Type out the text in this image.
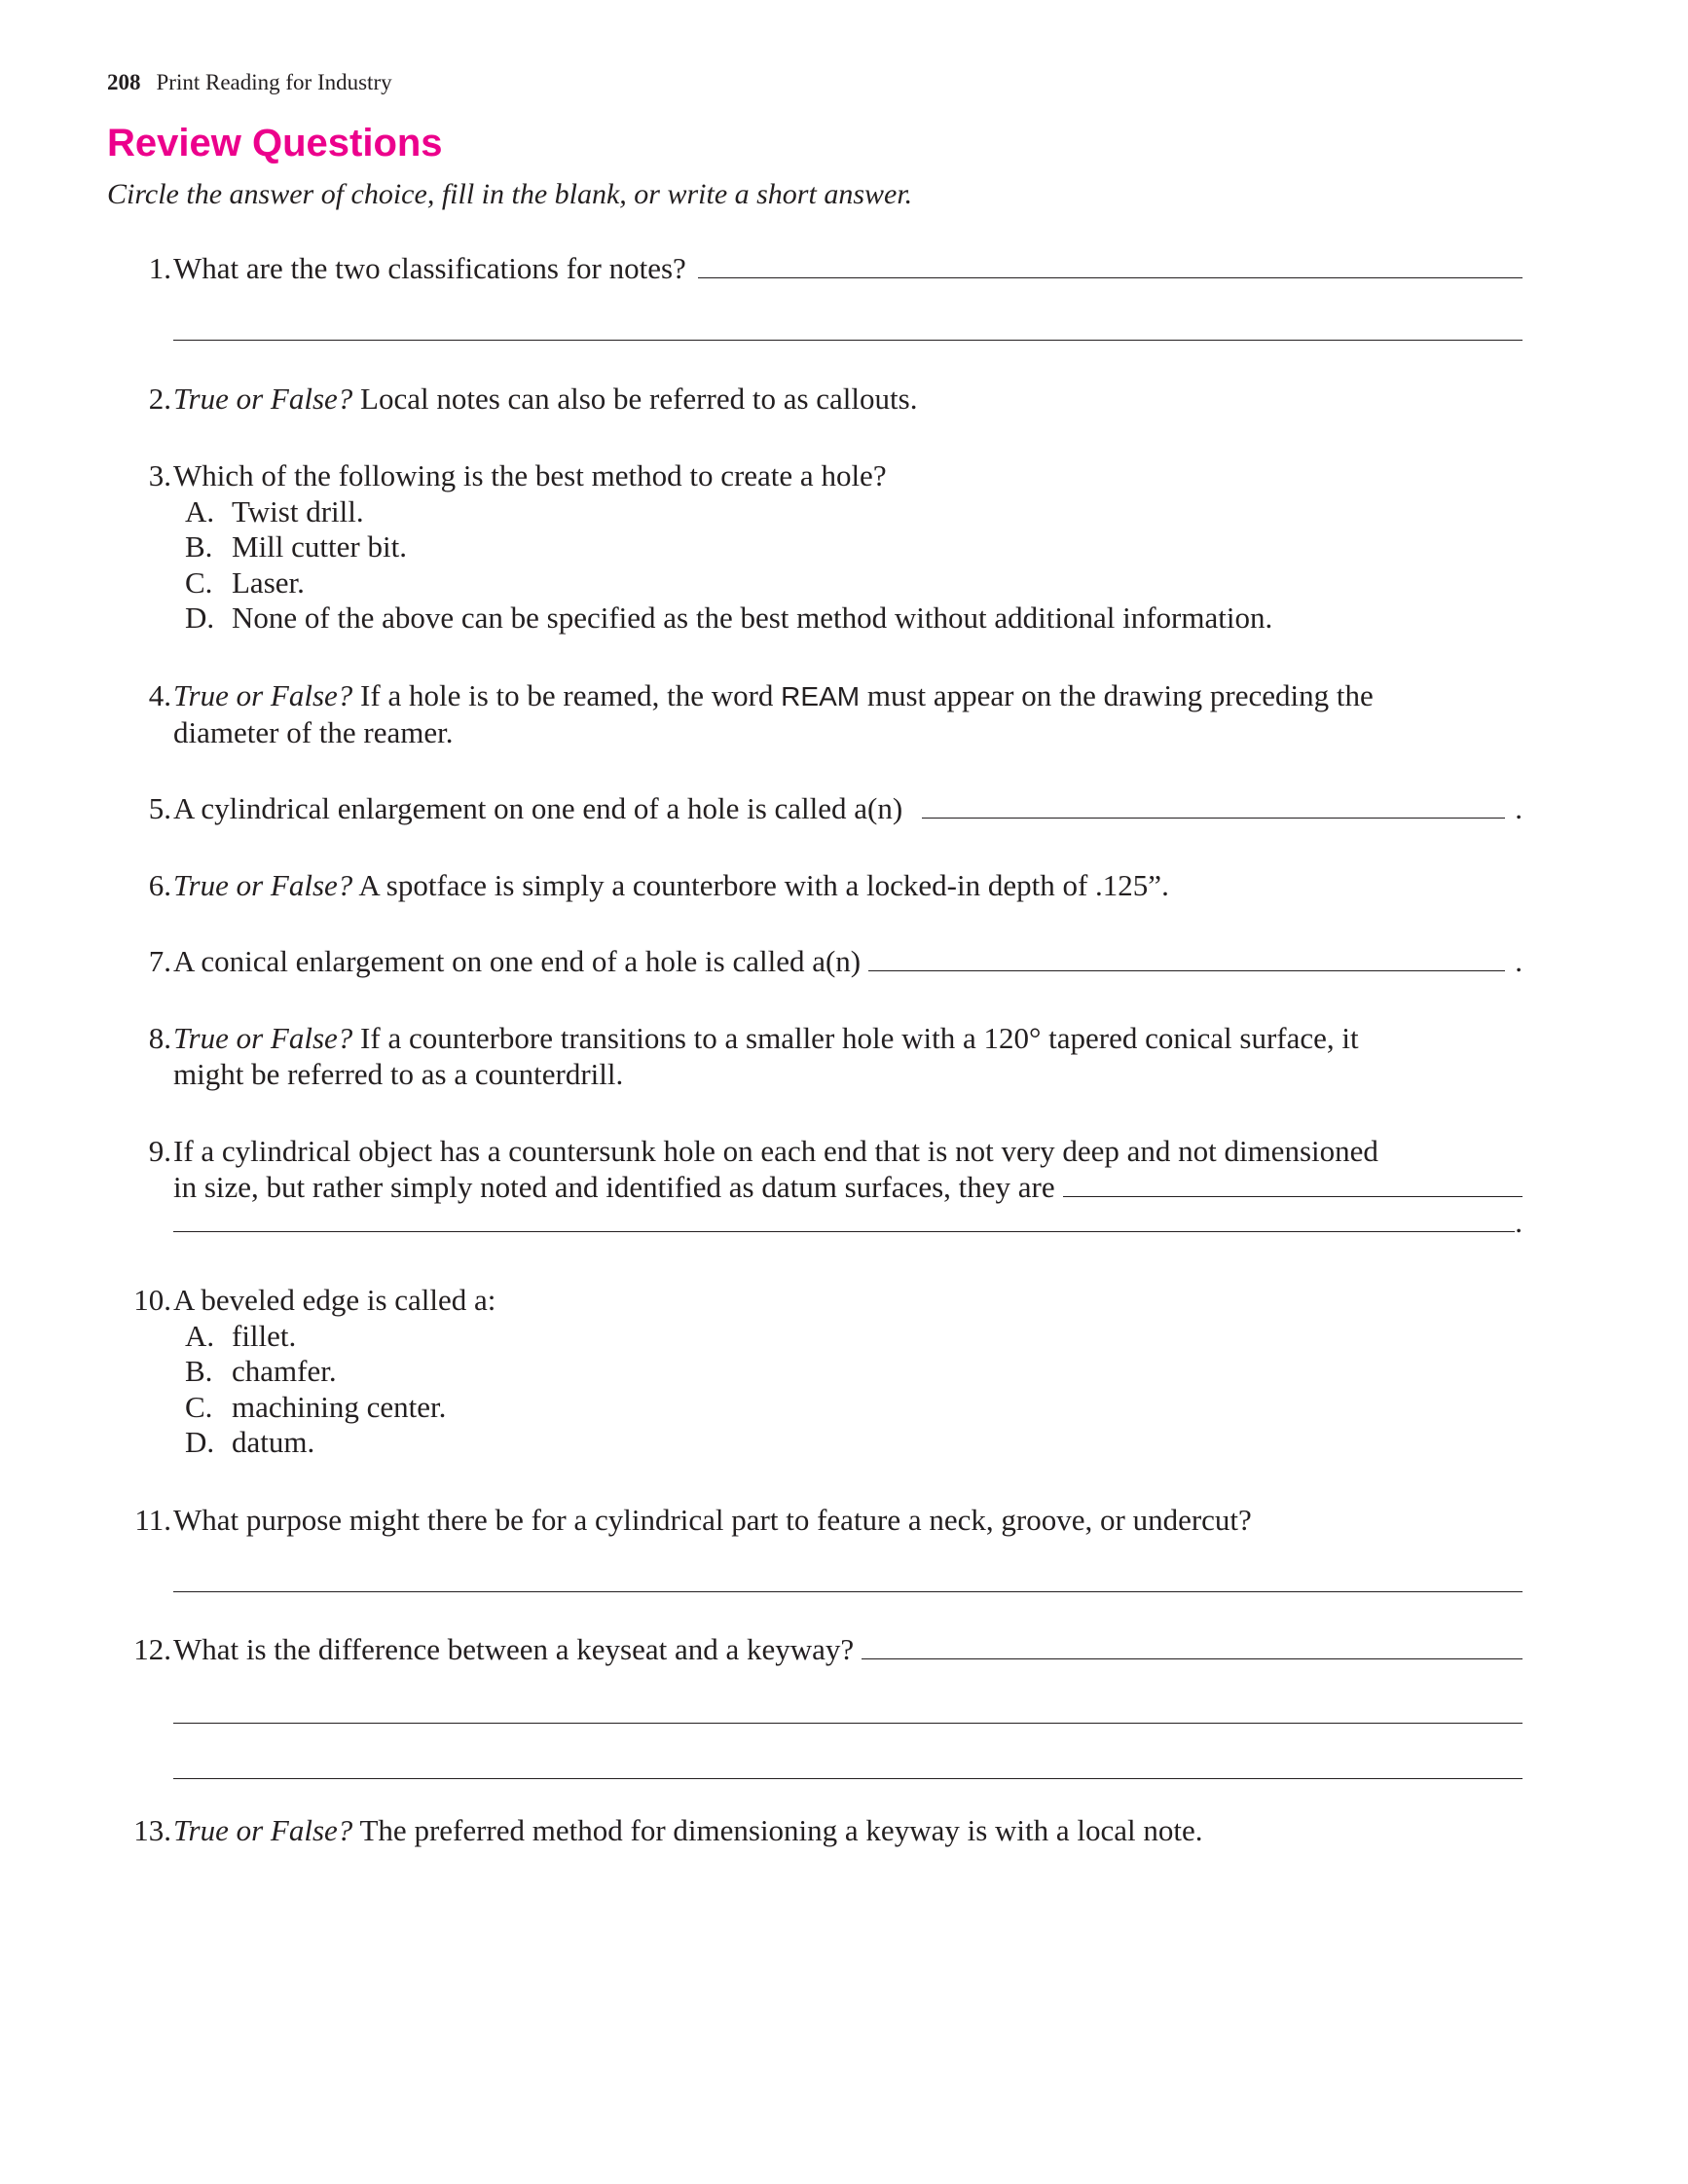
208 Print Reading for Industry
Review Questions
Circle the answer of choice, fill in the blank, or write a short answer.
1. What are the two classifications for notes?
2. True or False? Local notes can also be referred to as callouts.
3. Which of the following is the best method to create a hole?
A. Twist drill.
B. Mill cutter bit.
C. Laser.
D. None of the above can be specified as the best method without additional information.
4. True or False? If a hole is to be reamed, the word REAM must appear on the drawing preceding the
diameter of the reamer.
5. A cylindrical enlargement on one end of a hole is called a(n)	.
6. True or False? A spotface is simply a counterbore with a locked-in depth of .125”.
7. A conical enlargement on one end of a hole is called a(n)	.
8. True or False? If a counterbore transitions to a smaller hole with a 120° tapered conical surface, it
might be referred to as a counterdrill.
9. If a cylindrical object has a countersunk hole on each end that is not very deep and not dimensioned
in size, but rather simply noted and identified as datum surfaces, they are
.
10. A beveled edge is called a:
A. fillet.
B. chamfer.
C. machining center.
D. datum.
11. What purpose might there be for a cylindrical part to feature a neck, groove, or undercut?
12. What is the difference between a keyseat and a keyway?
13. True or False? The preferred method for dimensioning a keyway is with a local note.
